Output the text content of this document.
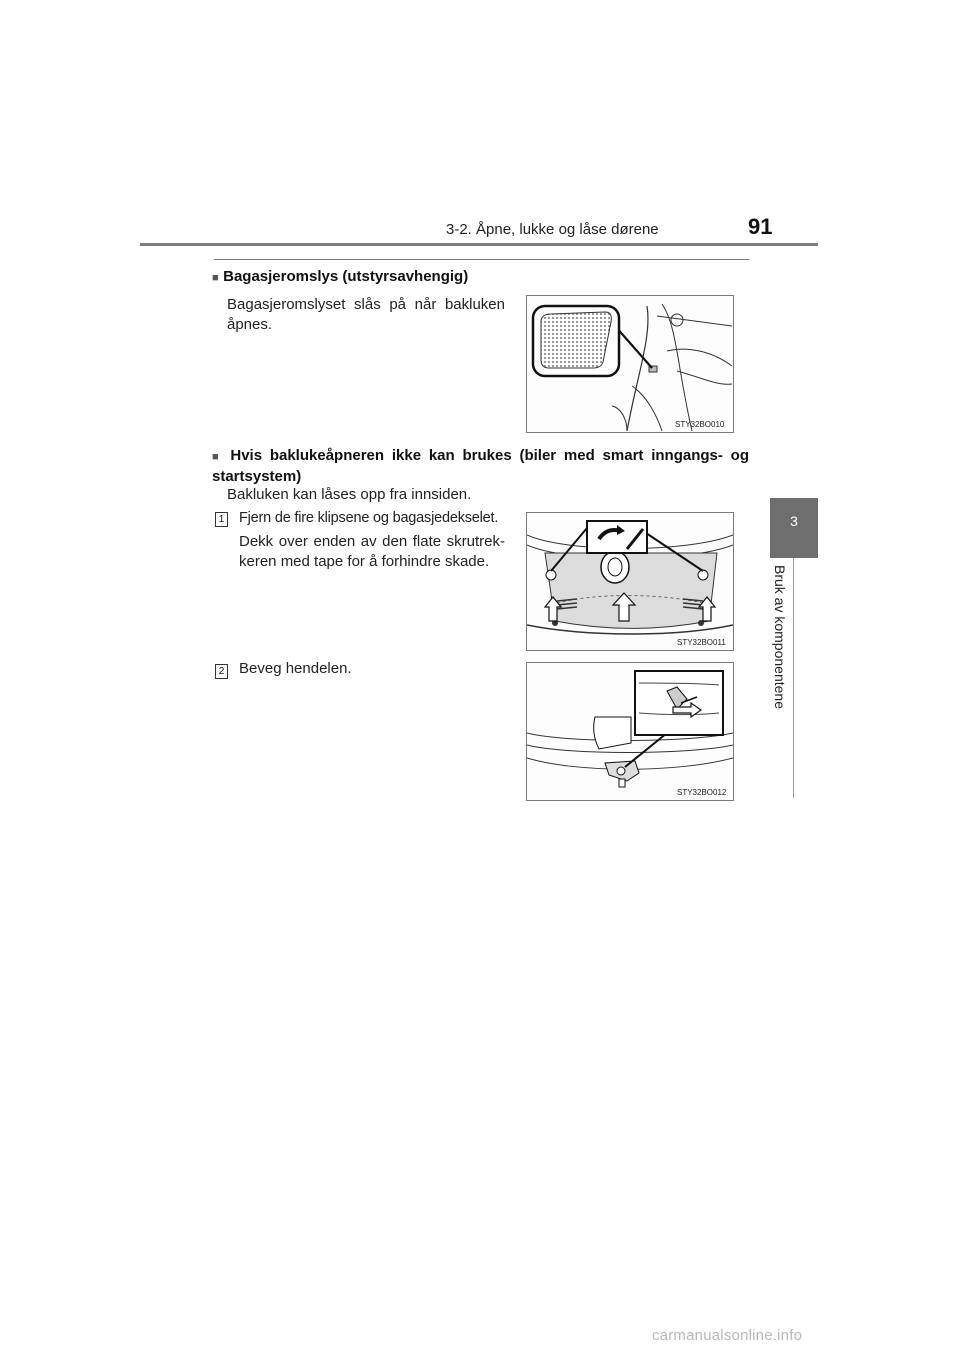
3-2. Åpne, lukke og låse dørene	91
3
Bruk av komponentene
■ Bagasjeromslys (utstyrsavhengig)
Bagasjeromslyset slås på når bakluken åpnes.
STY32BO010
■ Hvis baklukeåpneren ikke kan brukes (biler med smart inngangs- og startsystem)
Bakluken kan låses opp fra innsiden.
1 Fjern de fire klipsene og bagasjedekselet.
Dekk over enden av den flate skrutrek-keren med tape for å forhindre skade.
STY32BO011
2 Beveg hendelen.
STY32BO012
carmanualsonline.info
